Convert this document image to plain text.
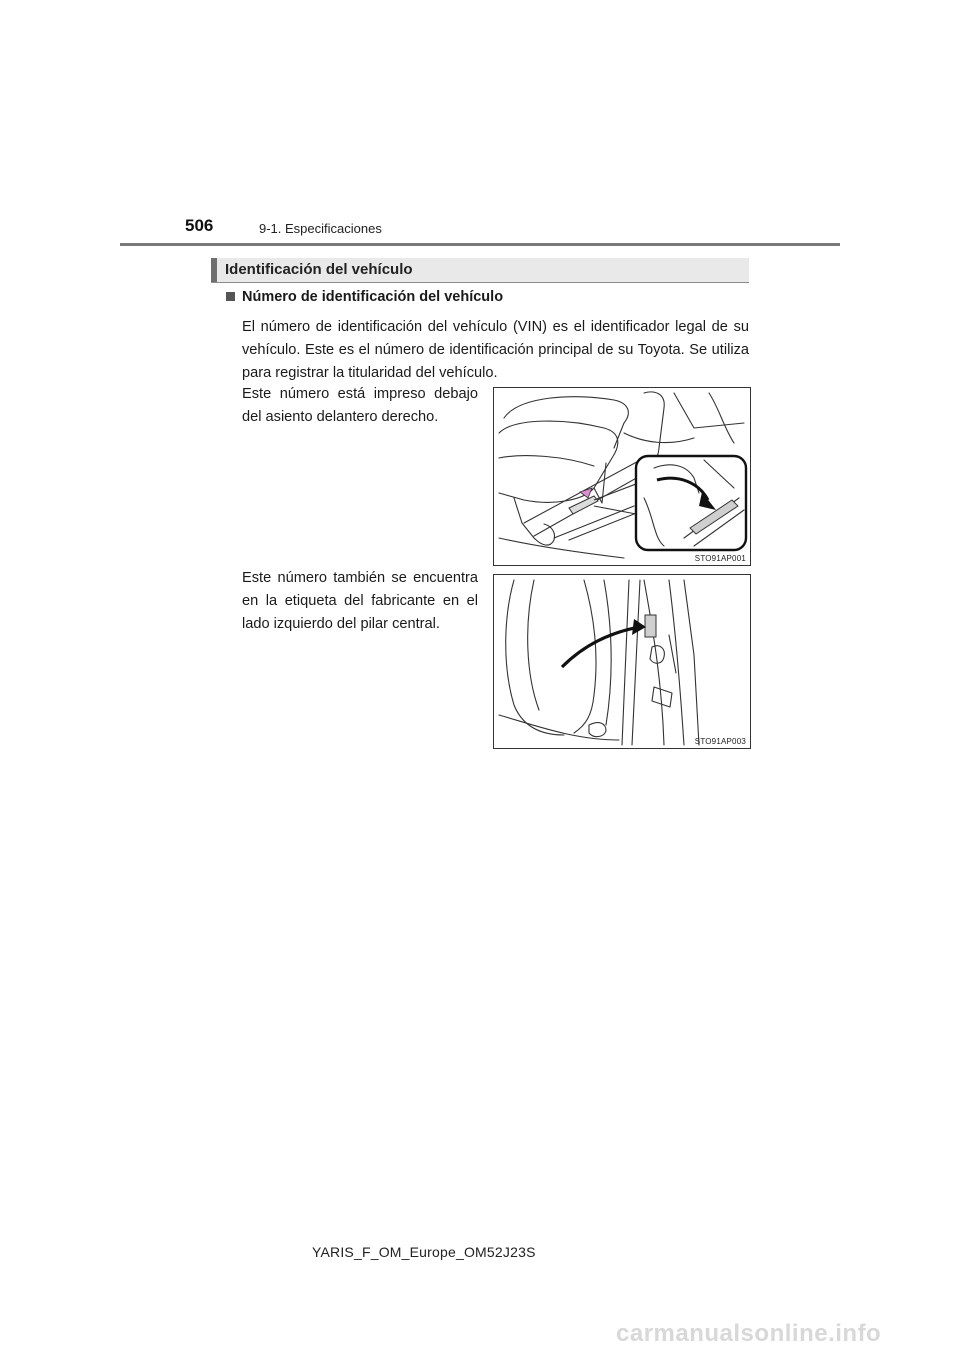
506	9-1. Especificaciones
Identificación del vehículo
Número de identificación del vehículo

El número de identificación del vehículo (VIN) es el identificador legal de su vehículo. Este es el número de identificación principal de su Toyota. Se utiliza para registrar la titularidad del vehículo.

Este número está impreso debajo del asiento delantero derecho.

Este número también se encuentra en la etiqueta del fabricante en el lado izquierdo del pilar central.

STO91AP001
STO91AP003
YARIS_F_OM_Europe_OM52J23S
carmanualsonline.info
